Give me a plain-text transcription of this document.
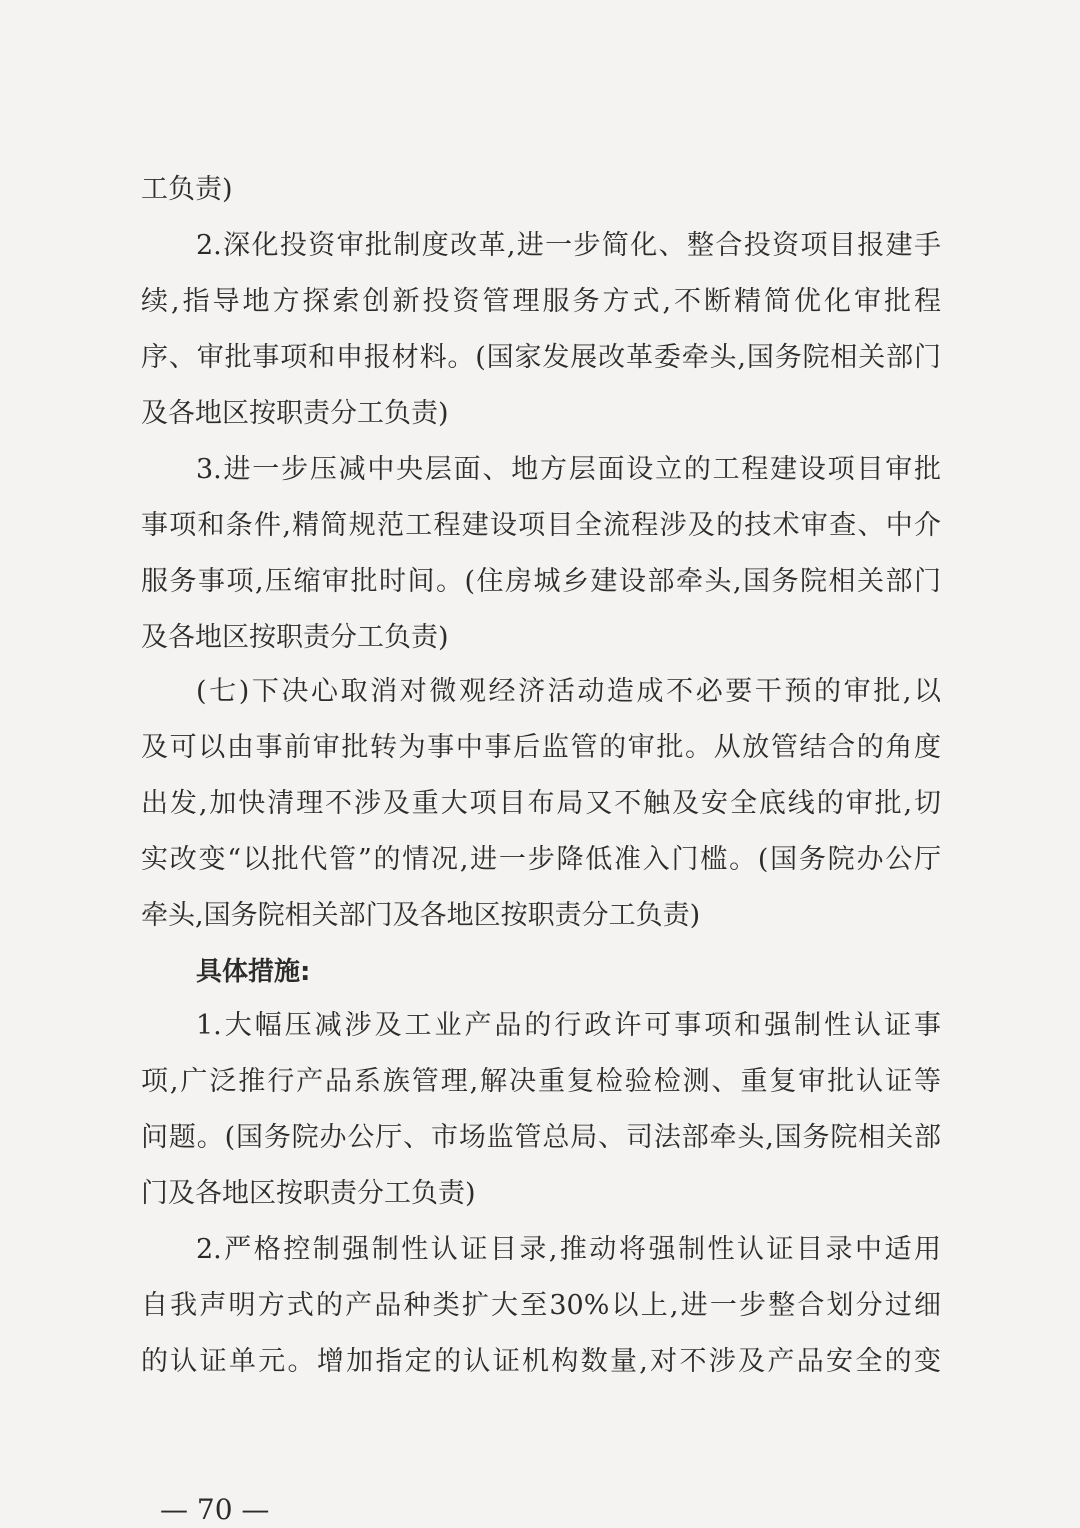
工负责)
2.深化投资审批制度改革,进一步简化、整合投资项目报建手
续,指导地方探索创新投资管理服务方式,不断精简优化审批程
序、审批事项和申报材料。(国家发展改革委牵头,国务院相关部门
及各地区按职责分工负责)
3.进一步压减中央层面、地方层面设立的工程建设项目审批
事项和条件,精简规范工程建设项目全流程涉及的技术审查、中介
服务事项,压缩审批时间。(住房城乡建设部牵头,国务院相关部门
及各地区按职责分工负责)
(七)下决心取消对微观经济活动造成不必要干预的审批,以
及可以由事前审批转为事中事后监管的审批。从放管结合的角度
出发,加快清理不涉及重大项目布局又不触及安全底线的审批,切
实改变“以批代管”的情况,进一步降低准入门槛。(国务院办公厅
牵头,国务院相关部门及各地区按职责分工负责)
具体措施:
1.大幅压减涉及工业产品的行政许可事项和强制性认证事
项,广泛推行产品系族管理,解决重复检验检测、重复审批认证等
问题。(国务院办公厅、市场监管总局、司法部牵头,国务院相关部
门及各地区按职责分工负责)
2.严格控制强制性认证目录,推动将强制性认证目录中适用
自我声明方式的产品种类扩大至30%以上,进一步整合划分过细
的认证单元。增加指定的认证机构数量,对不涉及产品安全的变
— 70 —
